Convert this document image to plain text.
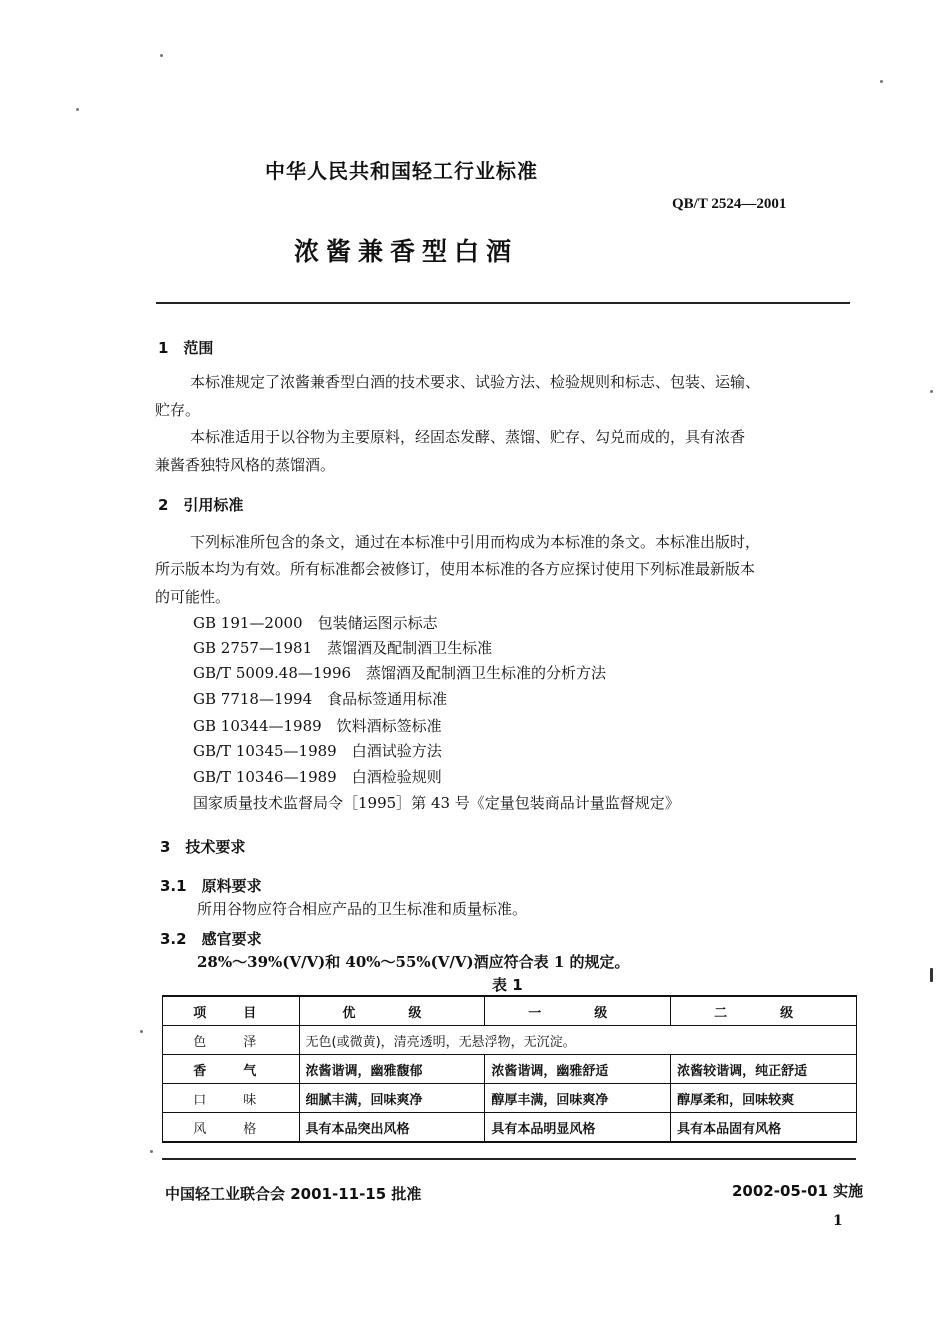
中华人民共和国轻工行业标准
QB/T 2524—2001
浓酱兼香型白酒
1　范围
本标准规定了浓酱兼香型白酒的技术要求、试验方法、检验规则和标志、包装、运输、
贮存。
本标准适用于以谷物为主要原料，经固态发酵、蒸馏、贮存、勾兑而成的，具有浓香
兼酱香独特风格的蒸馏酒。
2　引用标准
下列标准所包含的条文，通过在本标准中引用而构成为本标准的条文。本标准出版时，
所示版本均为有效。所有标准都会被修订，使用本标准的各方应探讨使用下列标准最新版本
的可能性。
GB 191—2000　包装储运图示标志
GB 2757—1981　蒸馏酒及配制酒卫生标准
GB/T 5009.48—1996　蒸馏酒及配制酒卫生标准的分析方法
GB 7718—1994　食品标签通用标准
GB 10344—1989　饮料酒标签标准
GB/T 10345—1989　白酒试验方法
GB/T 10346—1989　白酒检验规则
国家质量技术监督局令［1995］第 43 号《定量包装商品计量监督规定》
3　技术要求
3.1　原料要求
所用谷物应符合相应产品的卫生标准和质量标准。
3.2　感官要求
28%～39%(V/V)和 40%～55%(V/V)酒应符合表 1 的规定。
表 1
项　目	优　级	一　级	二　级
色　泽	无色(或微黄)，清亮透明，无悬浮物，无沉淀。		
香　气	浓酱谐调，幽雅馥郁	浓酱谐调，幽雅舒适	浓酱较谐调，纯正舒适
口　味	细腻丰满，回味爽净	醇厚丰满，回味爽净	醇厚柔和，回味较爽
风　格	具有本品突出风格	具有本品明显风格	具有本品固有风格
中国轻工业联合会 2001-11-15 批准	2002-05-01 实施
1
